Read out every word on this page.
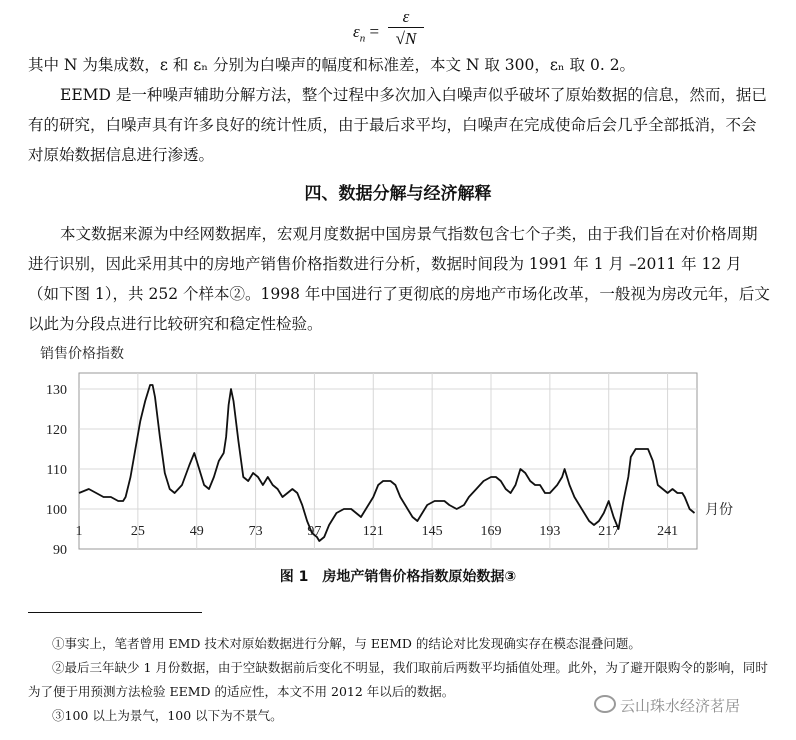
$\varepsilon_n$ =
ε
√N

其中 N 为集成数，ε 和 εₙ 分别为白噪声的幅度和标准差，本文 N 取 300，εₙ 取 0. 2。

EEMD 是一种噪声辅助分解方法，整个过程中多次加入白噪声似乎破坏了原始数据的信息，然而，据已有的研究，白噪声具有许多良好的统计性质，由于最后求平均，白噪声在完成使命后会几乎全部抵消，不会对原始数据信息进行渗透。

四、数据分解与经济解释

本文数据来源为中经网数据库，宏观月度数据中国房景气指数包含七个子类，由于我们旨在对价格周期进行识别，因此采用其中的房地产销售价格指数进行分析，数据时间段为 1991 年 1 月 –2011 年 12 月（如下图 1），共 252 个样本②。1998 年中国进行了更彻底的房地产市场化改革，一般视为房改元年，后文以此为分段点进行比较研究和稳定性检验。

90
100
110
120
130
1	25	49	73	97	121	145	169	193	217	241
销售价格指数
月份
图 1　房地产销售价格指数原始数据③

①事实上，笔者曾用 EMD 技术对原始数据进行分解，与 EEMD 的结论对比发现确实存在模态混叠问题。

②最后三年缺少 1 月份数据，由于空缺数据前后变化不明显，我们取前后两数平均插值处理。此外，为了避开限购令的影响，同时为了便于用预测方法检验 EEMD 的适应性，本文不用 2012 年以后的数据。

③100 以上为景气，100 以下为不景气。

云山珠水经济茗居
